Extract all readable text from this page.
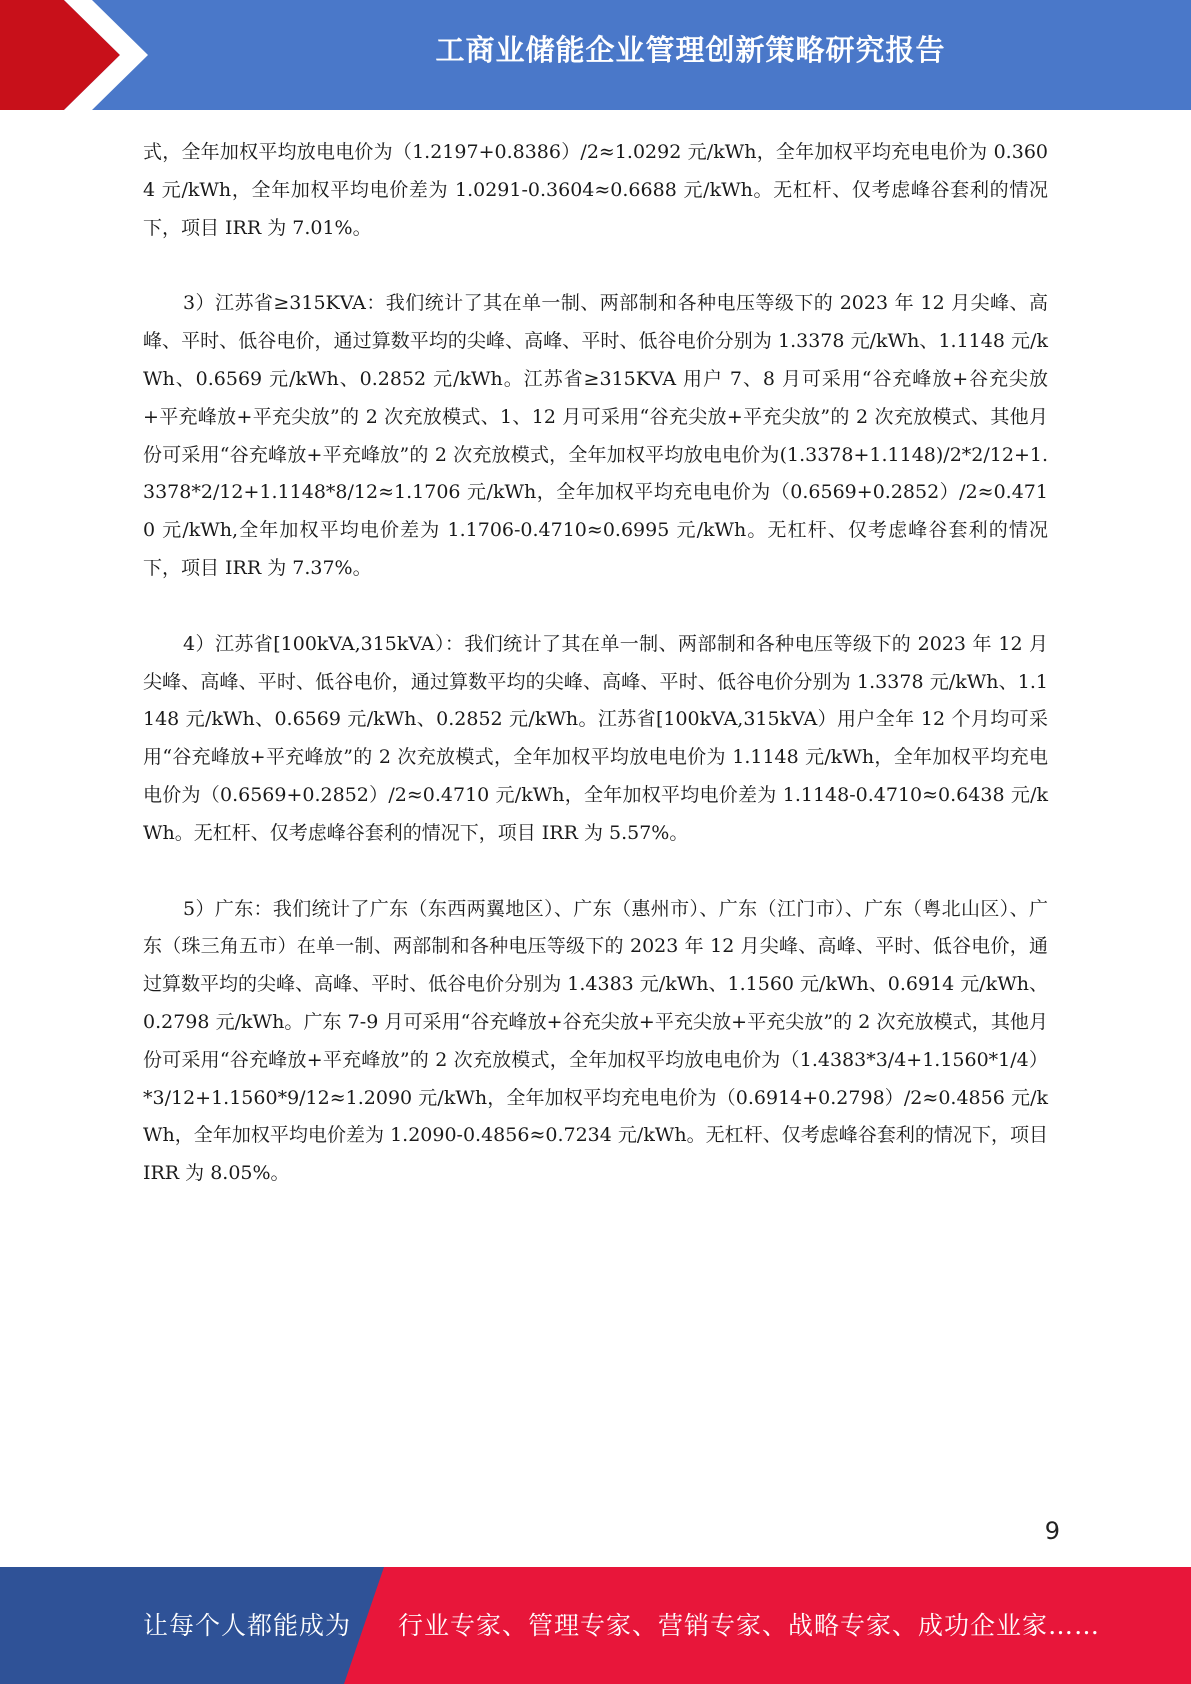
工商业储能企业管理创新策略研究报告

式，全年加权平均放电电价为（1.2197+0.8386）/2≈1.0292 元/kWh，全年加权平均充电电价为 0.3604 元/kWh，全年加权平均电价差为 1.0291-0.3604≈0.6688 元/kWh。无杠杆、仅考虑峰谷套利的情况下，项目 IRR 为 7.01%。

3）江苏省≥315KVA：我们统计了其在单一制、两部制和各种电压等级下的 2023 年 12 月尖峰、高峰、平时、低谷电价，通过算数平均的尖峰、高峰、平时、低谷电价分别为 1.3378 元/kWh、1.1148 元/kWh、0.6569 元/kWh、0.2852 元/kWh。江苏省≥315KVA 用户 7、8 月可采用“谷充峰放+谷充尖放+平充峰放+平充尖放”的 2 次充放模式、1、12 月可采用“谷充尖放+平充尖放”的 2 次充放模式、其他月份可采用“谷充峰放+平充峰放”的 2 次充放模式，全年加权平均放电电价为(1.3378+1.1148)/2*2/12+1.3378*2/12+1.1148*8/12≈1.1706 元/kWh，全年加权平均充电电价为（0.6569+0.2852）/2≈0.4710 元/kWh,全年加权平均电价差为 1.1706-0.4710≈0.6995 元/kWh。无杠杆、仅考虑峰谷套利的情况下，项目 IRR 为 7.37%。

4）江苏省[100kVA,315kVA）：我们统计了其在单一制、两部制和各种电压等级下的 2023 年 12 月尖峰、高峰、平时、低谷电价，通过算数平均的尖峰、高峰、平时、低谷电价分别为 1.3378 元/kWh、1.1148 元/kWh、0.6569 元/kWh、0.2852 元/kWh。江苏省[100kVA,315kVA）用户全年 12 个月均可采用“谷充峰放+平充峰放”的 2 次充放模式，全年加权平均放电电价为 1.1148 元/kWh，全年加权平均充电电价为（0.6569+0.2852）/2≈0.4710 元/kWh，全年加权平均电价差为 1.1148-0.4710≈0.6438 元/kWh。无杠杆、仅考虑峰谷套利的情况下，项目 IRR 为 5.57%。

5）广东：我们统计了广东（东西两翼地区）、广东（惠州市）、广东（江门市）、广东（粤北山区）、广东（珠三角五市）在单一制、两部制和各种电压等级下的 2023 年 12 月尖峰、高峰、平时、低谷电价，通过算数平均的尖峰、高峰、平时、低谷电价分别为 1.4383 元/kWh、1.1560 元/kWh、0.6914 元/kWh、0.2798 元/kWh。广东 7-9 月可采用“谷充峰放+谷充尖放+平充尖放+平充尖放”的 2 次充放模式，其他月份可采用“谷充峰放+平充峰放”的 2 次充放模式，全年加权平均放电电价为（1.4383*3/4+1.1560*1/4）*3/12+1.1560*9/12≈1.2090 元/kWh，全年加权平均充电电价为（0.6914+0.2798）/2≈0.4856 元/kWh，全年加权平均电价差为 1.2090-0.4856≈0.7234 元/kWh。无杠杆、仅考虑峰谷套利的情况下，项目 IRR 为 8.05%。

9
让每个人都能成为 行业专家、管理专家、营销专家、战略专家、成功企业家……
